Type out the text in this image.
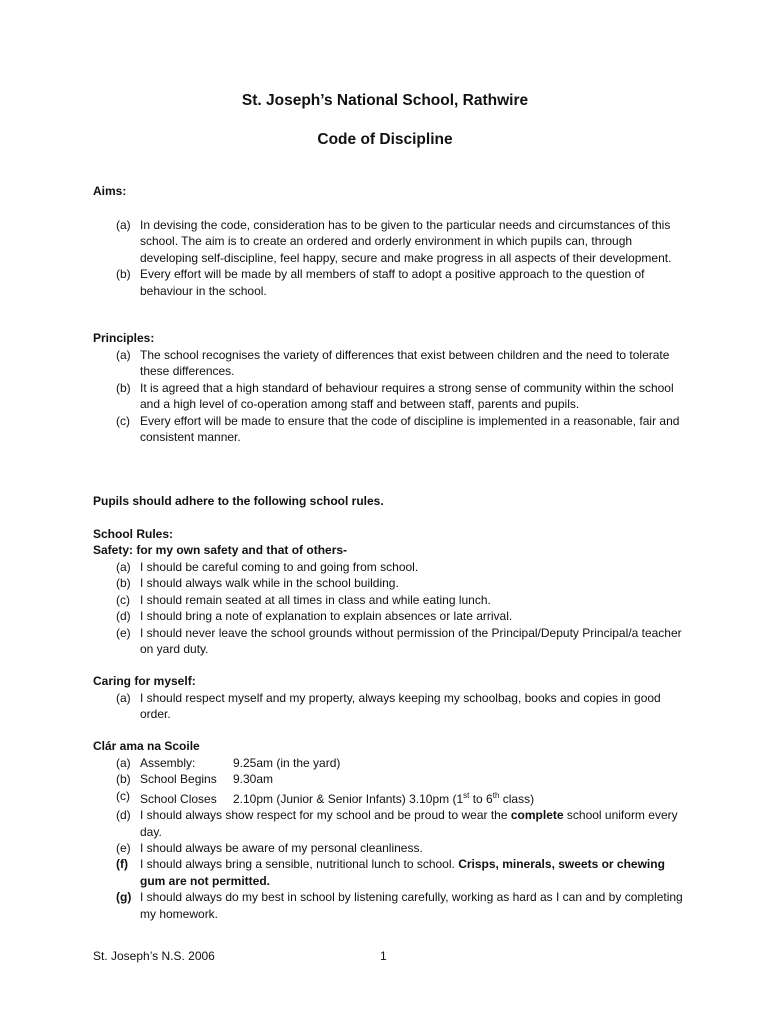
St. Joseph’s National School, Rathwire
Code of Discipline

Aims:

(a) In devising the code, consideration has to be given to the particular needs and circumstances of this school. The aim is to create an ordered and orderly environment in which pupils can, through developing self-discipline, feel happy, secure and make progress in all aspects of their development.
(b) Every effort will be made by all members of staff to adopt a positive approach to the question of behaviour in the school.

Principles:

(a) The school recognises the variety of differences that exist between children and the need to tolerate these differences.
(b) It is agreed that a high standard of behaviour requires a strong sense of community within the school and a high level of co-operation among staff and between staff, parents and pupils.
(c) Every effort will be made to ensure that the code of discipline is implemented in a reasonable, fair and consistent manner.

Pupils should adhere to the following school rules.

School Rules:

Safety: for my own safety and that of others-

(a) I should be careful coming to and going from school.
(b) I should always walk while in the school building.
(c) I should remain seated at all times in class and while eating lunch.
(d) I should bring a note of explanation to explain absences or late arrival.
(e) I should never leave the school grounds without permission of the Principal/Deputy Principal/a teacher on yard duty.

Caring for myself:

(a) I should respect myself and my property, always keeping my schoolbag, books and copies in good order.

Clár ama na Scoile

(a) Assembly:	9.25am (in the yard)
(b) School Begins 9.30am
(c) School Closes 2.10pm (Junior & Senior Infants) 3.10pm (1st to 6th class)
(d) I should always show respect for my school and be proud to wear the complete school uniform every day.
(e) I should always be aware of my personal cleanliness.
(f) I should always bring a sensible, nutritional lunch to school. Crisps, minerals, sweets or chewing gum are not permitted.
(g) I should always do my best in school by listening carefully, working as hard as I can and by completing my homework.
St. Joseph’s N.S. 2006	1
